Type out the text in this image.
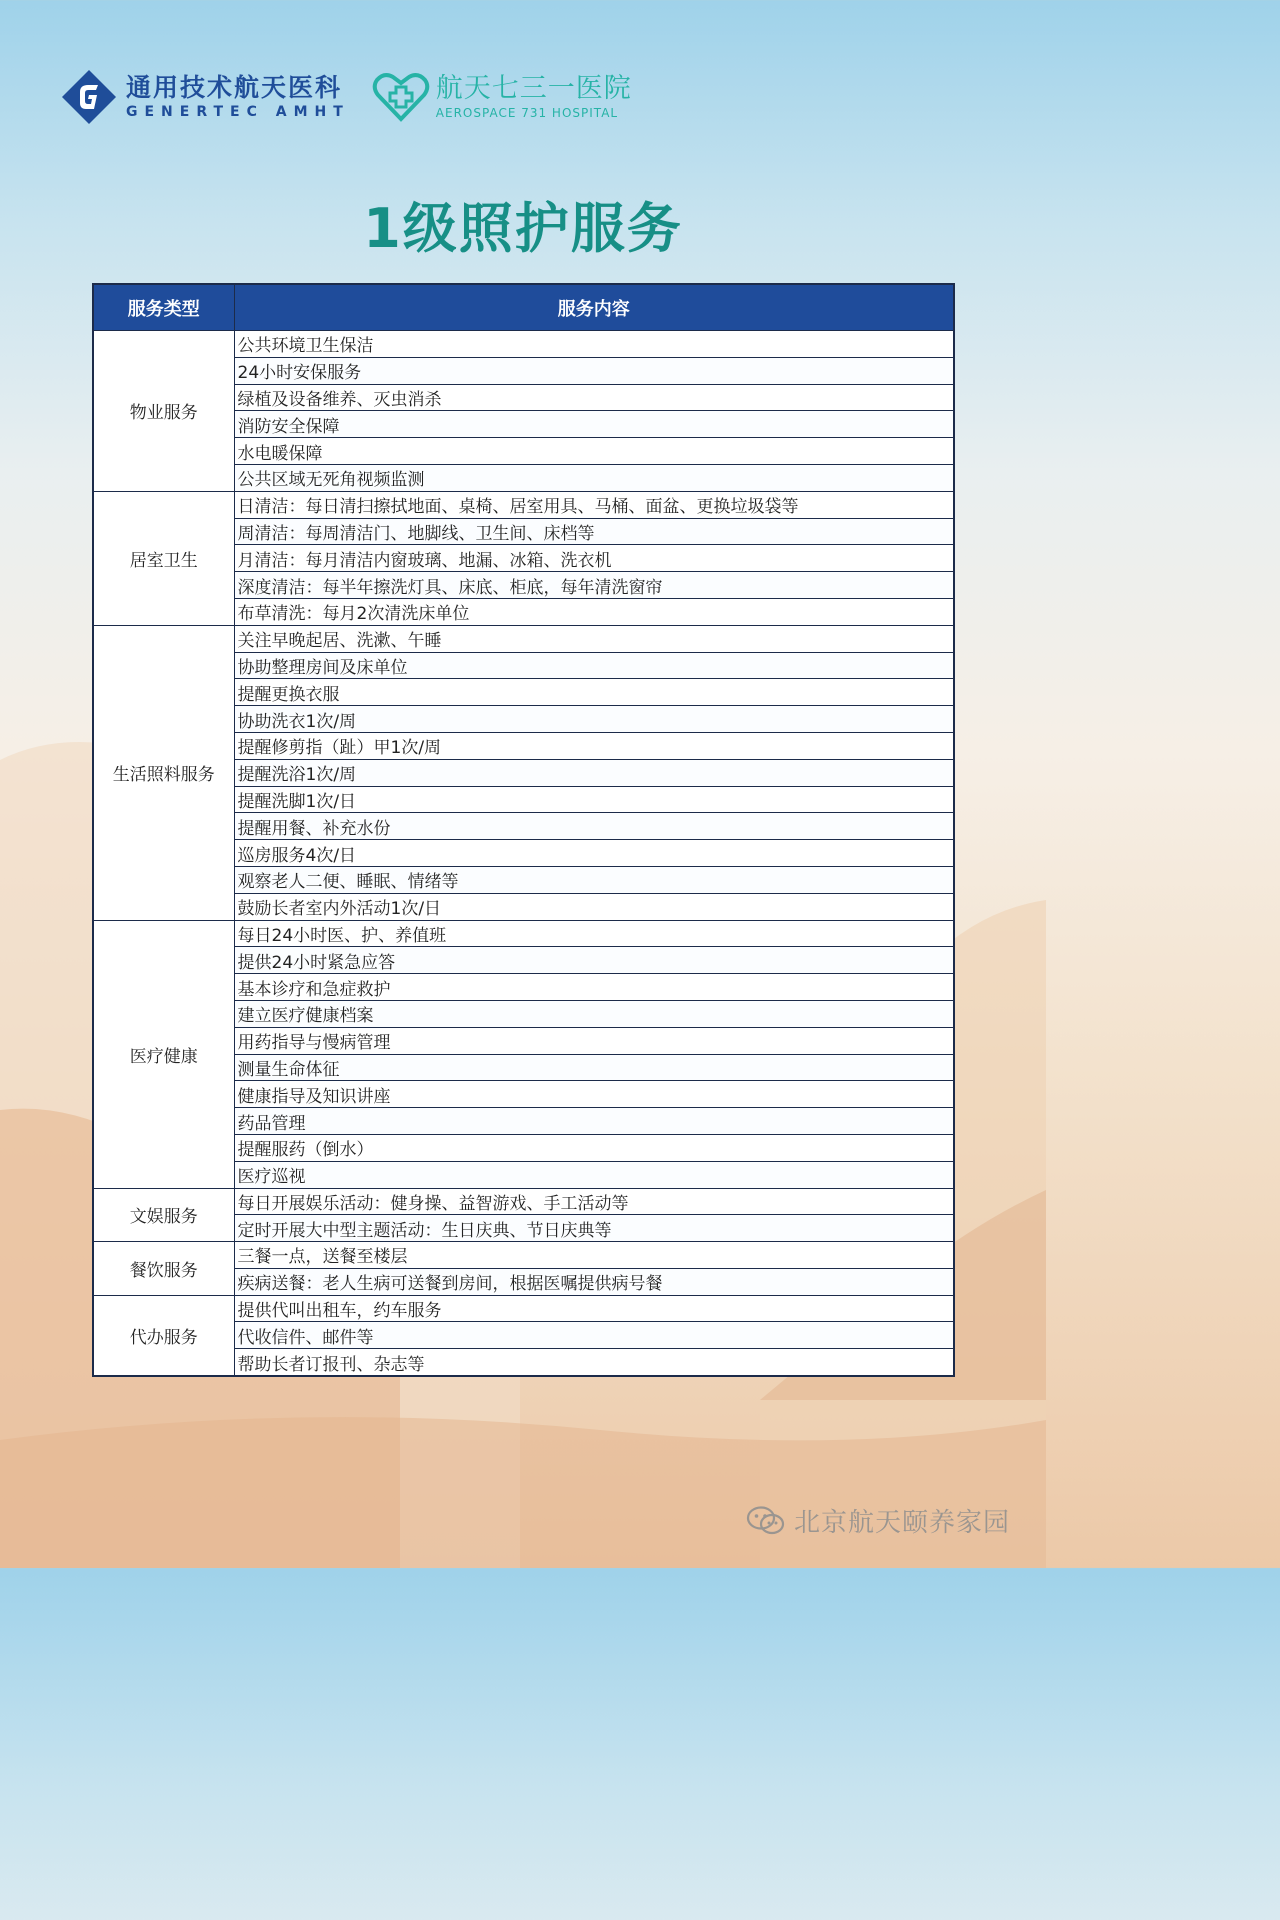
通用技术航天医科
GENERTEC AMHT
航天七三一医院
AEROSPACE 731 HOSPITAL
1级照护服务
服务类型	服务内容
物业服务	公共环境卫生保洁
	24小时安保服务
	绿植及设备维养、灭虫消杀
	消防安全保障
	水电暖保障
	公共区域无死角视频监测
居室卫生	日清洁：每日清扫擦拭地面、桌椅、居室用具、马桶、面盆、更换垃圾袋等
	周清洁：每周清洁门、地脚线、卫生间、床档等
	月清洁：每月清洁内窗玻璃、地漏、冰箱、洗衣机
	深度清洁：每半年擦洗灯具、床底、柜底，每年清洗窗帘
	布草清洗：每月2次清洗床单位
生活照料服务	关注早晚起居、洗漱、午睡
	协助整理房间及床单位
	提醒更换衣服
	协助洗衣1次/周
	提醒修剪指（趾）甲1次/周
	提醒洗浴1次/周
	提醒洗脚1次/日
	提醒用餐、补充水份
	巡房服务4次/日
	观察老人二便、睡眠、情绪等
	鼓励长者室内外活动1次/日
医疗健康	每日24小时医、护、养值班
	提供24小时紧急应答
	基本诊疗和急症救护
	建立医疗健康档案
	用药指导与慢病管理
	测量生命体征
	健康指导及知识讲座
	药品管理
	提醒服药（倒水）
	医疗巡视
文娱服务	每日开展娱乐活动：健身操、益智游戏、手工活动等
	定时开展大中型主题活动：生日庆典、节日庆典等
餐饮服务	三餐一点，送餐至楼层
	疾病送餐：老人生病可送餐到房间，根据医嘱提供病号餐
代办服务	提供代叫出租车，约车服务
	代收信件、邮件等
	帮助长者订报刊、杂志等
北京航天颐养家园
